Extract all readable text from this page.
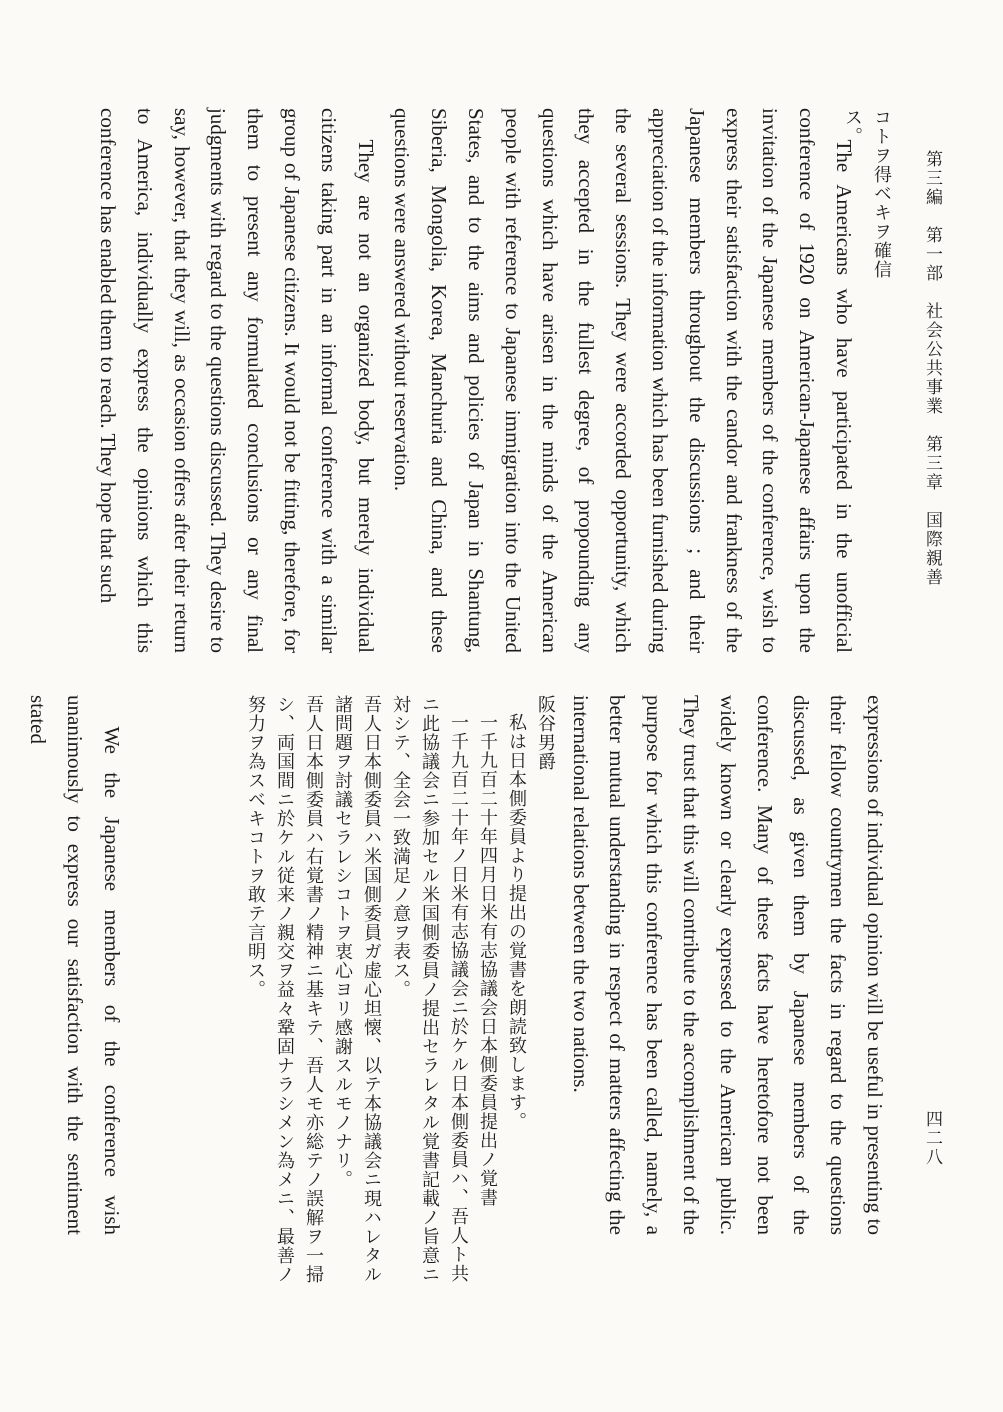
第三編　第一部　社会公共事業　第三章　国際親善
四二八

コトヲ得ベキヲ確信ス。

The Americans who have participated in the unofficial conference of 1920 on American-Japanese affairs upon the invitation of the Japanese members of the conference, wish to express their satisfaction with the candor and frankness of the Japanese members throughout the discussions ; and their appreciation of the information which has been furnished during the several sessions. They were accorded opportunity, which they accepted in the fullest degree, of propounding any questions which have arisen in the minds of the American people with reference to Japanese immigration into the United States, and to the aims and policies of Japan in Shantung, Siberia, Mongolia, Korea, Manchuria and China, and these questions were answered without reservation.

They are not an organized body, but merely individual citizens taking part in an informal conference with a similar group of Japanese citizens. It would not be fitting, therefore, for them to present any formulated conclusions or any final judgments with regard to the questions discussed. They desire to say, however, that they will, as occasion offers after their return to America, individually express the opinions which this conference has enabled them to reach. They hope that such

expressions of individual opinion will be useful in presenting to their fellow countrymen the facts in regard to the questions discussed, as given them by Japanese members of the conference. Many of these facts have heretofore not been widely known or clearly expressed to the American public. They trust that this will contribute to the accomplishment of the purpose for which this conference has been called, namely, a better mutual understanding in respect of matters affecting the international relations between the two nations.

阪谷男爵

私は日本側委員より提出の覚書を朗読致します。

一千九百二十年四月日米有志協議会日本側委員提出ノ覚書

一千九百二十年ノ日米有志協議会ニ於ケル日本側委員ハ、吾人ト共ニ此協議会ニ参加セル米国側委員ノ提出セラレタル覚書記載ノ旨意ニ対シテ、全会一致満足ノ意ヲ表ス。

吾人日本側委員ハ米国側委員ガ虚心坦懐、以テ本協議会ニ現ハレタル諸問題ヲ討議セラレシコトヲ衷心ヨリ感謝スルモノナリ。

吾人日本側委員ハ右覚書ノ精神ニ基キテ、吾人モ亦総テノ誤解ヲ一掃シ、両国間ニ於ケル従来ノ親交ヲ益々鞏固ナラシメン為メニ、最善ノ努力ヲ為スベキコトヲ敢テ言明ス。

We the Japanese members of the conference wish unanimously to express our satisfaction with the sentiment stated
